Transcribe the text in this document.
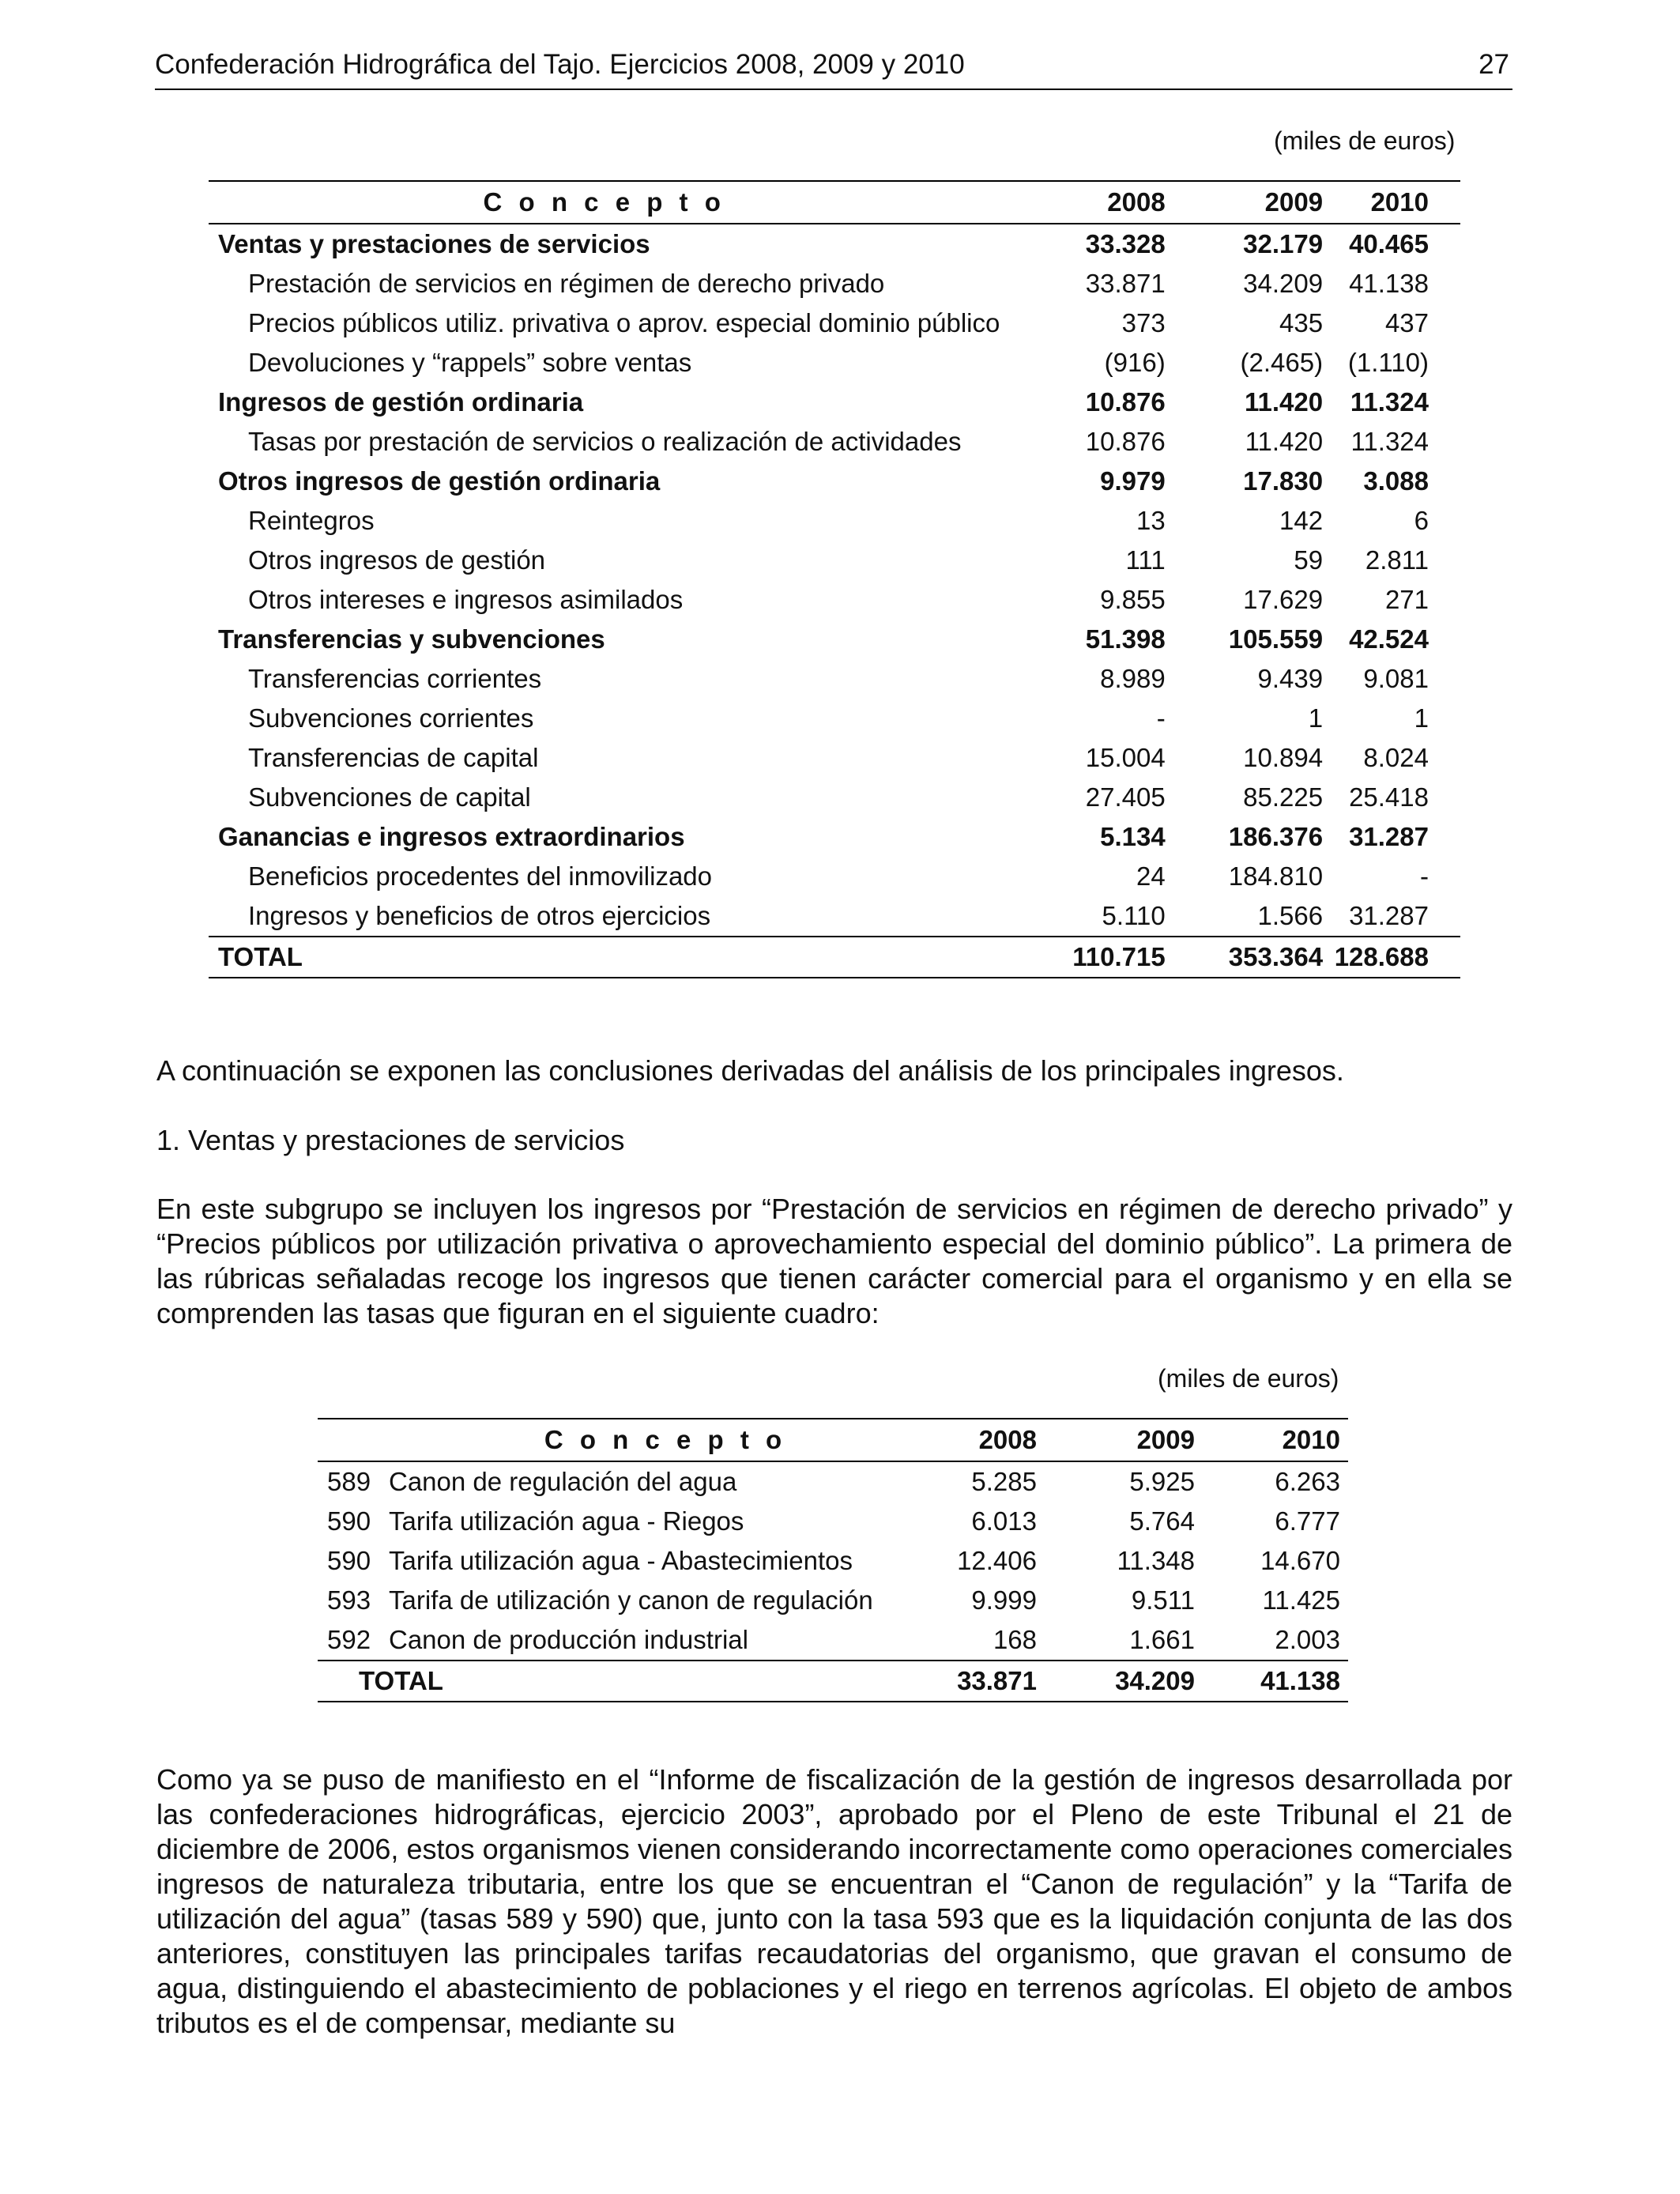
Confederación Hidrográfica del Tajo. Ejercicios 2008, 2009 y 2010	27
(miles de euros)
C o n c e p t o	2008	2009	2010
Ventas y prestaciones de servicios	33.328	32.179	40.465
Prestación de servicios en régimen de derecho privado	33.871	34.209	41.138
Precios públicos utiliz. privativa o aprov. especial dominio público	373	435	437
Devoluciones y “rappels” sobre ventas	(916)	(2.465)	(1.110)
Ingresos de gestión ordinaria	10.876	11.420	11.324
Tasas por prestación de servicios o realización de actividades	10.876	11.420	11.324
Otros ingresos de gestión ordinaria	9.979	17.830	3.088
Reintegros	13	142	6
Otros ingresos de gestión	111	59	2.811
Otros intereses e ingresos asimilados	9.855	17.629	271
Transferencias y subvenciones	51.398	105.559	42.524
Transferencias corrientes	8.989	9.439	9.081
Subvenciones corrientes	-	1	1
Transferencias de capital	15.004	10.894	8.024
Subvenciones de capital	27.405	85.225	25.418
Ganancias e ingresos extraordinarios	5.134	186.376	31.287
Beneficios procedentes del inmovilizado	24	184.810	-
Ingresos y beneficios de otros ejercicios	5.110	1.566	31.287
TOTAL	110.715	353.364	128.688
A continuación se exponen las conclusiones derivadas del análisis de los principales ingresos.
1. Ventas y prestaciones de servicios
En este subgrupo se incluyen los ingresos por “Prestación de servicios en régimen de derecho privado” y “Precios públicos por utilización privativa o aprovechamiento especial del dominio público”. La primera de las rúbricas señaladas recoge los ingresos que tienen carácter comercial para el organismo y en ella se comprenden las tasas que figuran en el siguiente cuadro:
(miles de euros)
C o n c e p t o		2008	2009	2010
589	Canon de regulación del agua	5.285	5.925	6.263
590	Tarifa utilización agua - Riegos	6.013	5.764	6.777
590	Tarifa utilización agua - Abastecimientos	12.406	11.348	14.670
593	Tarifa de utilización y canon de regulación	9.999	9.511	11.425
592	Canon de producción industrial	168	1.661	2.003
TOTAL		33.871	34.209	41.138
Como ya se puso de manifiesto en el “Informe de fiscalización de la gestión de ingresos desarrollada por las confederaciones hidrográficas, ejercicio 2003”, aprobado por el Pleno de este Tribunal el 21 de diciembre de 2006, estos organismos vienen considerando incorrectamente como operaciones comerciales ingresos de naturaleza tributaria, entre los que se encuentran el “Canon de regulación” y la “Tarifa de utilización del agua” (tasas 589 y 590) que, junto con la tasa 593 que es la liquidación conjunta de las dos anteriores, constituyen las principales tarifas recaudatorias del organismo, que gravan el consumo de agua, distinguiendo el abastecimiento de poblaciones y el riego en terrenos agrícolas. El objeto de ambos tributos es el de compensar, mediante su
